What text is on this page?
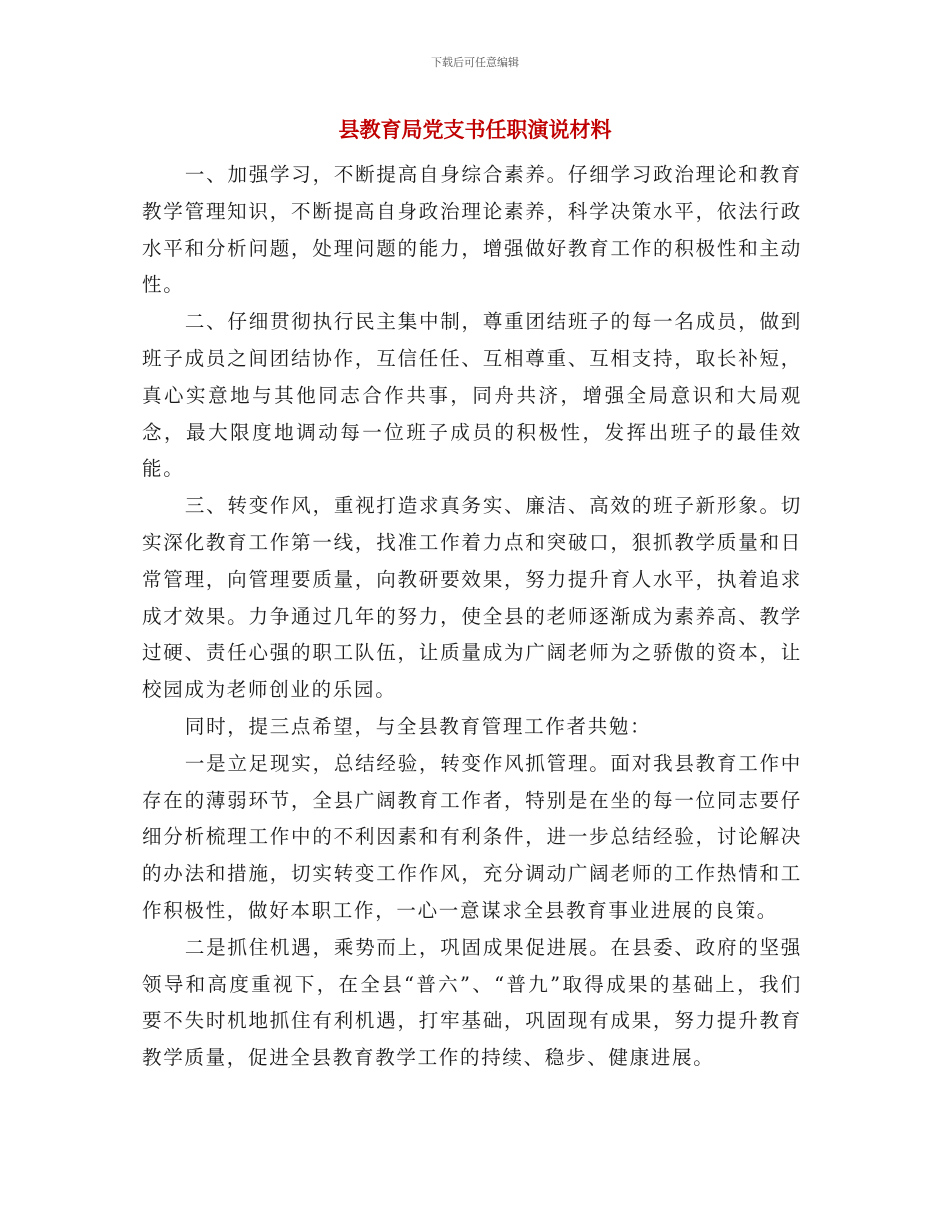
下载后可任意编辑
县教育局党支书任职演说材料

一、加强学习，不断提高自身综合素养。仔细学习政治理论和教育教学管理知识，不断提高自身政治理论素养，科学决策水平，依法行政水平和分析问题，处理问题的能力，增强做好教育工作的积极性和主动性。

二、仔细贯彻执行民主集中制，尊重团结班子的每一名成员，做到班子成员之间团结协作，互信任任、互相尊重、互相支持，取长补短，真心实意地与其他同志合作共事，同舟共济，增强全局意识和大局观念，最大限度地调动每一位班子成员的积极性，发挥出班子的最佳效能。

三、转变作风，重视打造求真务实、廉洁、高效的班子新形象。切实深化教育工作第一线，找准工作着力点和突破口，狠抓教学质量和日常管理，向管理要质量，向教研要效果，努力提升育人水平，执着追求成才效果。力争通过几年的努力，使全县的老师逐渐成为素养高、教学过硬、责任心强的职工队伍，让质量成为广阔老师为之骄傲的资本，让校园成为老师创业的乐园。

同时，提三点希望，与全县教育管理工作者共勉：

一是立足现实，总结经验，转变作风抓管理。面对我县教育工作中存在的薄弱环节，全县广阔教育工作者，特别是在坐的每一位同志要仔细分析梳理工作中的不利因素和有利条件，进一步总结经验，讨论解决的办法和措施，切实转变工作作风，充分调动广阔老师的工作热情和工作积极性，做好本职工作，一心一意谋求全县教育事业进展的良策。

二是抓住机遇，乘势而上，巩固成果促进展。在县委、政府的坚强领导和高度重视下，在全县“普六”、“普九”取得成果的基础上，我们要不失时机地抓住有利机遇，打牢基础，巩固现有成果，努力提升教育教学质量，促进全县教育教学工作的持续、稳步、健康进展。
